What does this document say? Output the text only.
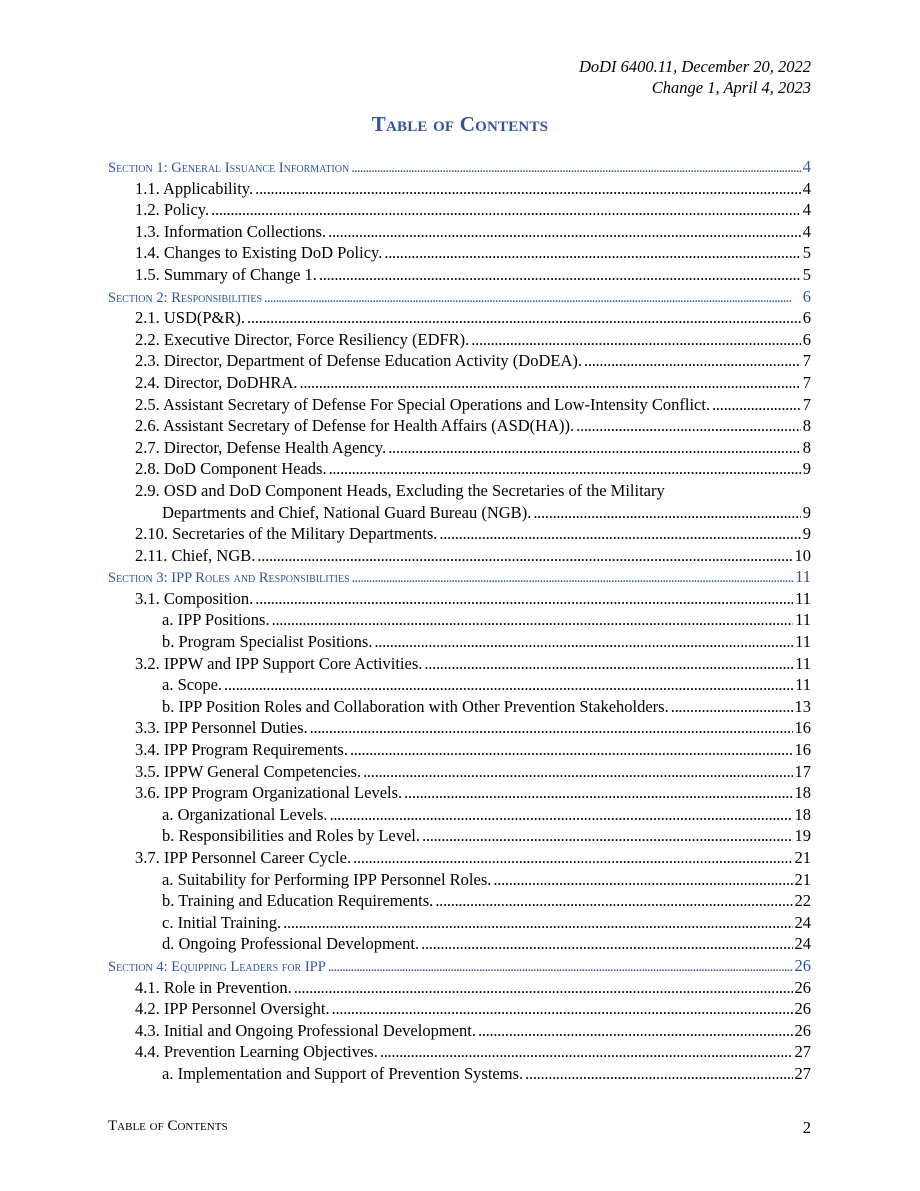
DoDI 6400.11, December 20, 2022
Change 1, April 4, 2023
Table of Contents
Section 1: General Issuance Information . . .	4
1.1. Applicability. . . .	4
1.2. Policy. . . .	4
1.3. Information Collections. . . .	4
1.4. Changes to Existing DoD Policy. . . .	5
1.5. Summary of Change 1. . . .	5
Section 2: Responsibilities . . .	6
2.1. USD(P&R). . . .	6
2.2. Executive Director, Force Resiliency (EDFR). . . .	6
2.3. Director, Department of Defense Education Activity (DoDEA). . . .	7
2.4. Director, DoDHRA. . . .	7
2.5. Assistant Secretary of Defense For Special Operations and Low-Intensity Conflict. . . .	7
2.6. Assistant Secretary of Defense for Health Affairs (ASD(HA)). . . .	8
2.7. Director, Defense Health Agency. . . .	8
2.8. DoD Component Heads. . . .	9
2.9. OSD and DoD Component Heads, Excluding the Secretaries of the Military
Departments and Chief, National Guard Bureau (NGB). . . .	9
2.10. Secretaries of the Military Departments. . . .	9
2.11. Chief, NGB. . . .	10
Section 3: IPP Roles and Responsibilities . . .	11
3.1. Composition. . . .	11
a. IPP Positions. . . .	11
b. Program Specialist Positions. . . .	11
3.2. IPPW and IPP Support Core Activities. . . .	11
a. Scope. . . .	11
b. IPP Position Roles and Collaboration with Other Prevention Stakeholders. . . .	13
3.3. IPP Personnel Duties. . . .	16
3.4. IPP Program Requirements. . . .	16
3.5. IPPW General Competencies. . . .	17
3.6. IPP Program Organizational Levels. . . .	18
a. Organizational Levels. . . .	18
b. Responsibilities and Roles by Level. . . .	19
3.7. IPP Personnel Career Cycle. . . .	21
a. Suitability for Performing IPP Personnel Roles. . . .	21
b. Training and Education Requirements. . . .	22
c. Initial Training. . . .	24
d. Ongoing Professional Development. . . .	24
Section 4: Equipping Leaders for IPP . . .	26
4.1. Role in Prevention. . . .	26
4.2. IPP Personnel Oversight. . . .	26
4.3. Initial and Ongoing Professional Development. . . .	26
4.4. Prevention Learning Objectives. . . .	27
a. Implementation and Support of Prevention Systems. . . .	27
Table of Contents	2
